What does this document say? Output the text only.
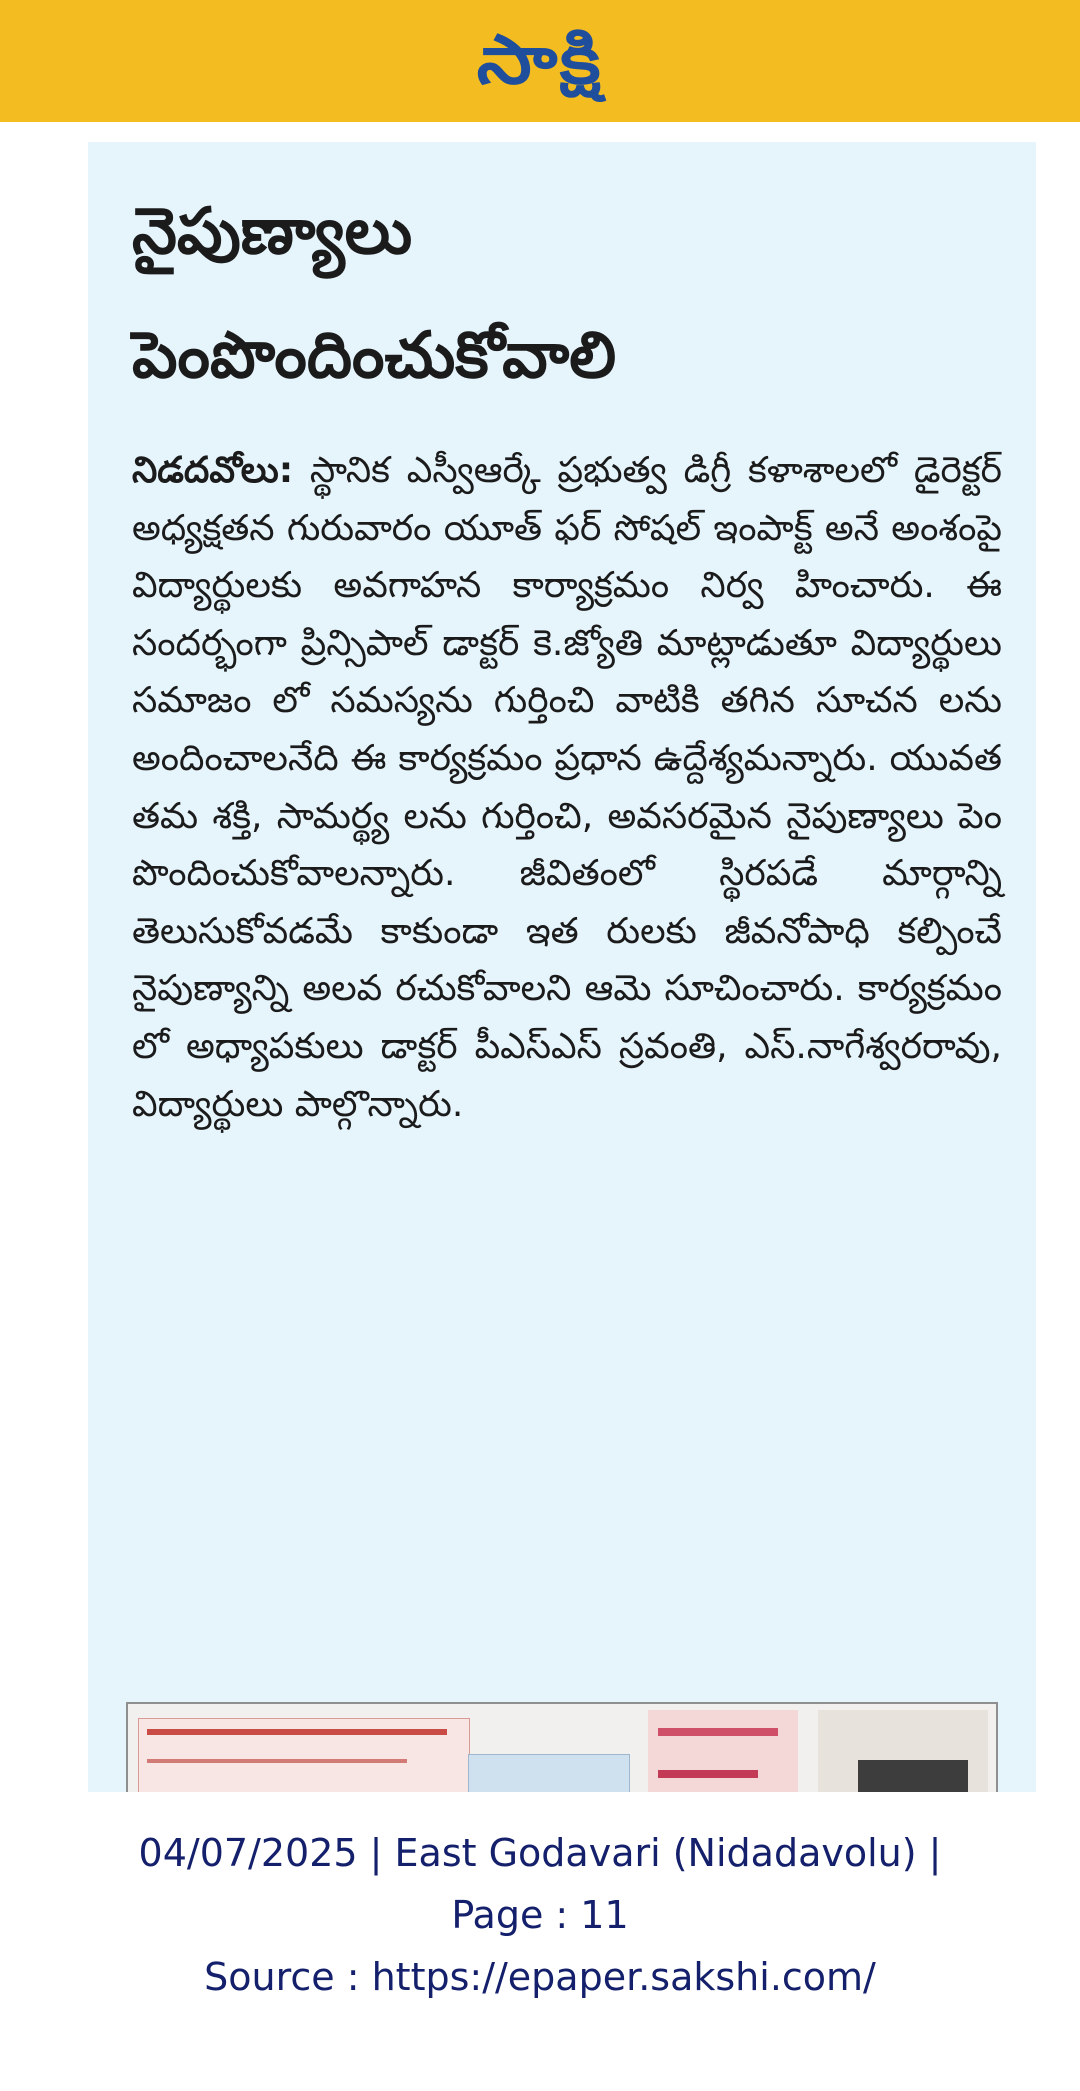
సాక్షి
నైపుణ్యాలు
పెంపొందించుకోవాలి

నిడదవోలు: స్థానిక ఎస్వీఆర్కే ప్రభుత్వ డిగ్రీ కళాశాలలో డైరెక్టర్ అధ్యక్షతన గురువారం యూత్ ఫర్ సోషల్ ఇంపాక్ట్ అనే అంశంపై విద్యార్థులకు అవగాహన కార్యాక్రమం నిర్వ హించారు. ఈ సందర్భంగా ప్రిన్సిపాల్ డాక్టర్ కె.జ్యోతి మాట్లాడుతూ విద్యార్థులు సమాజం లో సమస్యను గుర్తించి వాటికి తగిన సూచన లను అందించాలనేది ఈ కార్యక్రమం ప్రధాన ఉద్దేశ్యమన్నారు. యువత తమ శక్తి, సామర్థ్య లను గుర్తించి, అవసరమైన నైపుణ్యాలు పెం పొందించుకోవాలన్నారు. జీవితంలో స్థిరపడే మార్గాన్ని తెలుసుకోవడమే కాకుండా ఇత రులకు జీవనోపాధి కల్పించే నైపుణ్యాన్ని అలవ రచుకోవాలని ఆమె సూచించారు. కార్యక్రమం లో అధ్యాపకులు డాక్టర్ పీఎస్ఎస్ స్రవంతి, ఎస్.నాగేశ్వరరావు, విద్యార్థులు పాల్గొన్నారు.

04/07/2025 | East Godavari (Nidadavolu) |
Page : 11
Source : https://epaper.sakshi.com/
